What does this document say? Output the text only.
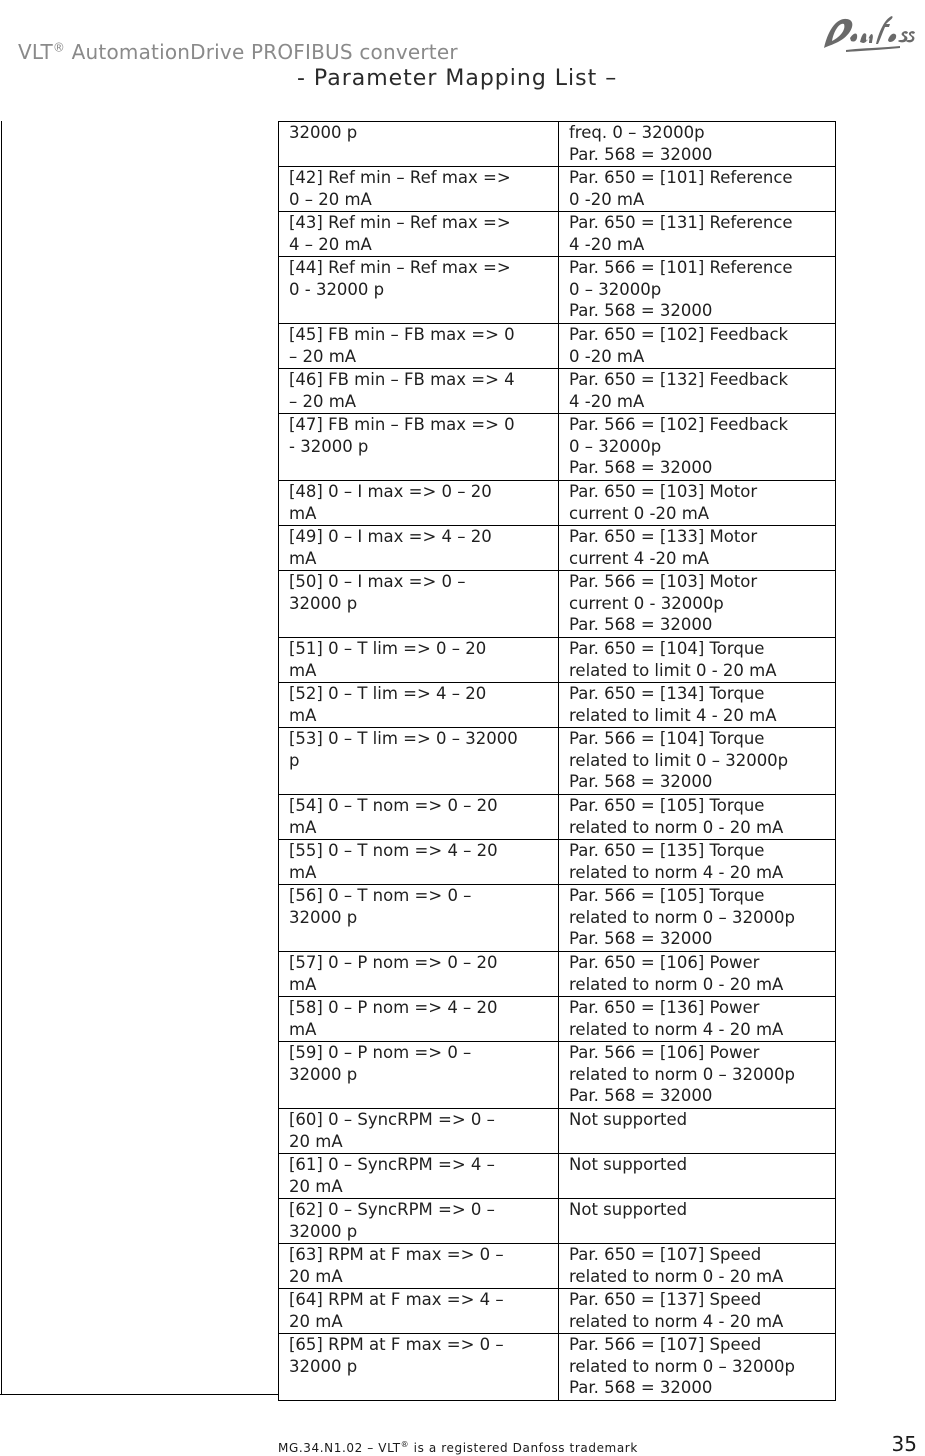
VLT® AutomationDrive PROFIBUS converter
- Parameter Mapping List –
32000 p	freq. 0 – 32000p
Par. 568 = 32000
[42] Ref min – Ref max =>
0 – 20 mA	Par. 650 = [101] Reference
0 -20 mA
[43] Ref min – Ref max =>
4 – 20 mA	Par. 650 = [131] Reference
4 -20 mA
[44] Ref min – Ref max =>
0 - 32000 p	Par. 566 = [101] Reference
0 – 32000p
Par. 568 = 32000
[45] FB min – FB max => 0
– 20 mA	Par. 650 = [102] Feedback
0 -20 mA
[46] FB min – FB max => 4
– 20 mA	Par. 650 = [132] Feedback
4 -20 mA
[47] FB min – FB max => 0
- 32000 p	Par. 566 = [102] Feedback
0 – 32000p
Par. 568 = 32000
[48] 0 – I max => 0 – 20
mA	Par. 650 = [103] Motor
current 0 -20 mA
[49] 0 – I max => 4 – 20
mA	Par. 650 = [133] Motor
current 4 -20 mA
[50] 0 – I max => 0 –
32000 p	Par. 566 = [103] Motor
current 0 - 32000p
Par. 568 = 32000
[51] 0 – T lim => 0 – 20
mA	Par. 650 = [104] Torque
related to limit 0 - 20 mA
[52] 0 – T lim => 4 – 20
mA	Par. 650 = [134] Torque
related to limit 4 - 20 mA
[53] 0 – T lim => 0 – 32000
p	Par. 566 = [104] Torque
related to limit 0 – 32000p
Par. 568 = 32000
[54] 0 – T nom => 0 – 20
mA	Par. 650 = [105] Torque
related to norm 0 - 20 mA
[55] 0 – T nom => 4 – 20
mA	Par. 650 = [135] Torque
related to norm 4 - 20 mA
[56] 0 – T nom => 0 –
32000 p	Par. 566 = [105] Torque
related to norm 0 – 32000p
Par. 568 = 32000
[57] 0 – P nom => 0 – 20
mA	Par. 650 = [106] Power
related to norm 0 - 20 mA
[58] 0 – P nom => 4 – 20
mA	Par. 650 = [136] Power
related to norm 4 - 20 mA
[59] 0 – P nom => 0 –
32000 p	Par. 566 = [106] Power
related to norm 0 – 32000p
Par. 568 = 32000
[60] 0 – SyncRPM => 0 –
20 mA	Not supported
[61] 0 – SyncRPM => 4 –
20 mA	Not supported
[62] 0 – SyncRPM => 0 –
32000 p	Not supported
[63] RPM at F max => 0 –
20 mA	Par. 650 = [107] Speed
related to norm 0 - 20 mA
[64] RPM at F max => 4 –
20 mA	Par. 650 = [137] Speed
related to norm 4 - 20 mA
[65] RPM at F max => 0 –
32000 p	Par. 566 = [107] Speed
related to norm 0 – 32000p
Par. 568 = 32000
MG.34.N1.02 – VLT® is a registered Danfoss trademark	35
